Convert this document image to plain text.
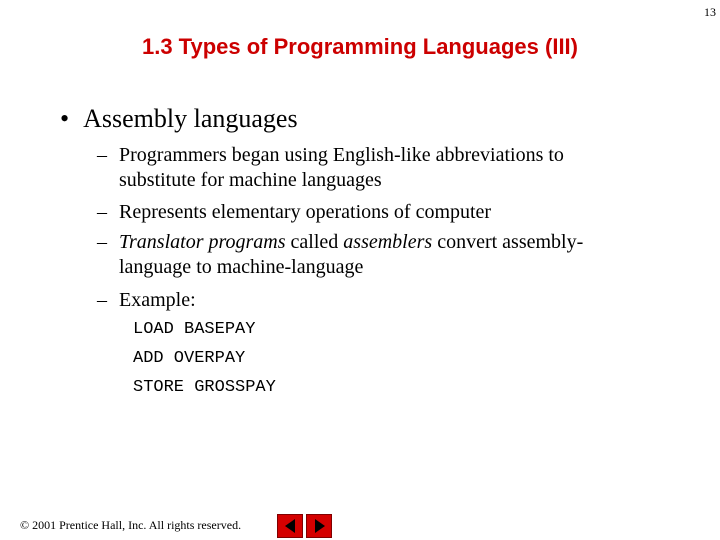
13
1.3 Types of Programming Languages (III)
• Assembly languages
– Programmers began using English-like abbreviations to
substitute for machine languages
– Represents elementary operations of computer
– Translator programs called assemblers convert assembly-
language to machine-language
– Example:
LOAD BASEPAY
ADD OVERPAY
STORE GROSSPAY
© 2001 Prentice Hall, Inc. All rights reserved.
